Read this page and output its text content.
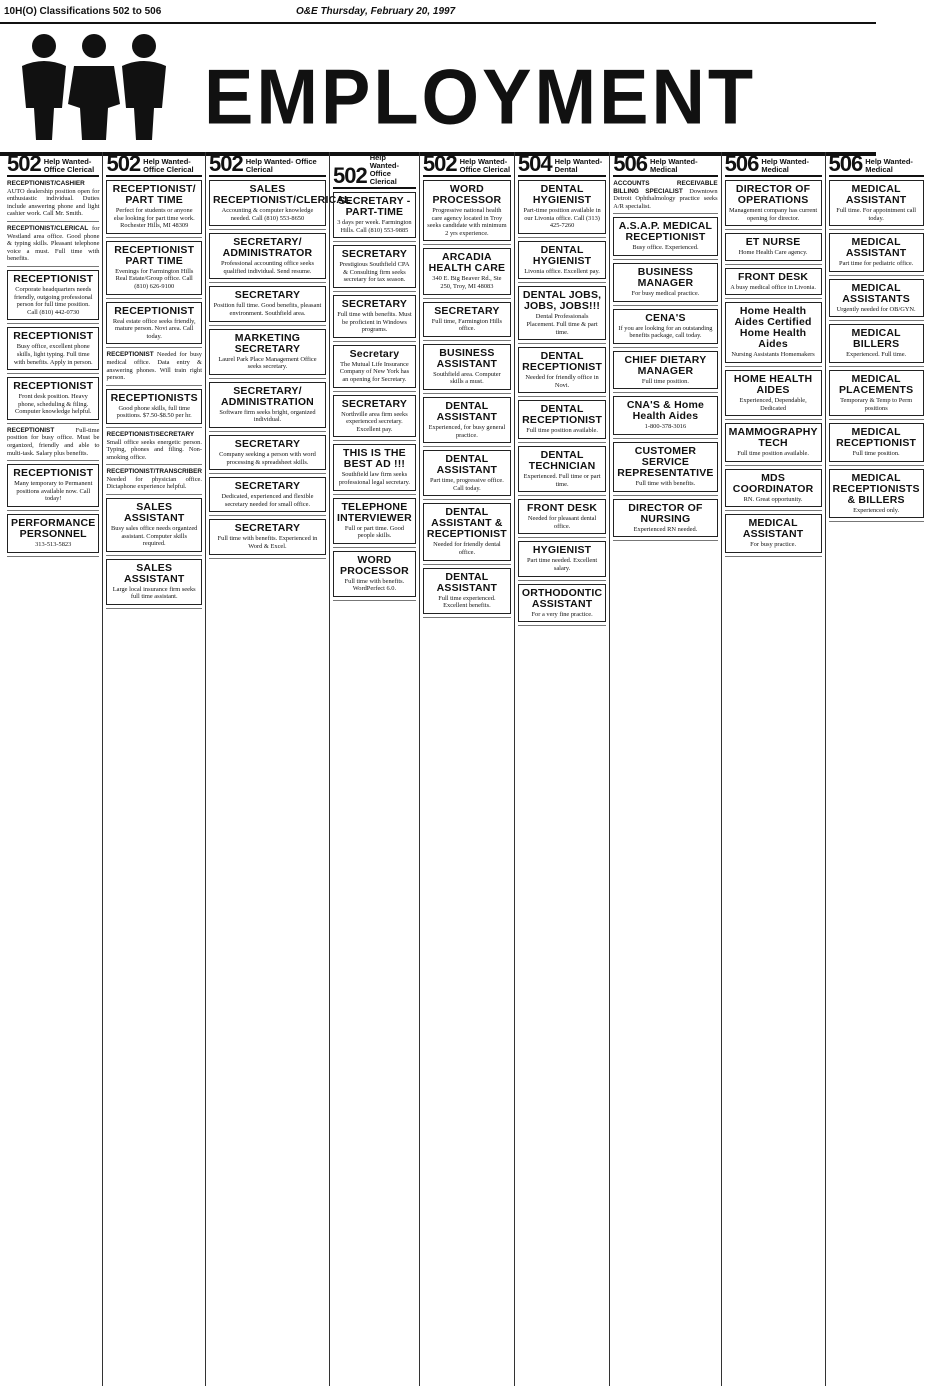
10H(O) Classifications 502 to 506	O&E Thursday, February 20, 1997
EMPLOYMENT
502 Help Wanted- Office Clerical
RECEPTIONIST/CASHIER AUTO dealership position open for enthusiastic individual. Duties include answering phone and light cashier work. Call Mr. Smith.
RECEPTIONIST/CLERICAL for Westland area office. Good phone & typing skills. Pleasant telephone voice a must. Full time with benefits.
RECEPTIONIST

Corporate headquarters needs friendly, outgoing professional person for full time position. Call (810) 442-0730

RECEPTIONIST

Busy office, excellent phone skills, light typing. Full time with benefits. Apply in person.

RECEPTIONIST

Front desk position. Heavy phone, scheduling & filing. Computer knowledge helpful.

RECEPTIONIST Full-time position for busy office. Must be organized, friendly and able to multi-task. Salary plus benefits.
RECEPTIONIST

Many temporary to Permanent positions available now. Call today!

PERFORMANCE PERSONNEL

313-513-5823

502 Help Wanted- Office Clerical
RECEPTIONIST/ PART TIME

Perfect for students or anyone else looking for part time work. Rochester Hills, MI 48309

RECEPTIONIST PART TIME

Evenings for Farmington Hills Real Estate/Group office. Call (810) 626-9100

RECEPTIONIST

Real estate office seeks friendly, mature person. Novi area. Call today.

RECEPTIONIST Needed for busy medical office. Data entry & answering phones. Will train right person.
RECEPTIONISTS

Good phone skills, full time positions. $7.50-$8.50 per hr.

RECEPTIONIST/SECRETARY Small office seeks energetic person. Typing, phones and filing. Non-smoking office.
RECEPTIONIST/TRANSCRIBER Needed for physician office. Dictaphone experience helpful.
SALES ASSISTANT

Busy sales office needs organized assistant. Computer skills required.

SALES ASSISTANT

Large local insurance firm seeks full time assistant.

502 Help Wanted- Office Clerical
SALES RECEPTIONIST/CLERICAL

Accounting & computer knowledge needed. Call (810) 553-8650

SECRETARY/ ADMINISTRATOR

Professional accounting office seeks qualified individual. Send resume.

SECRETARY

Position full time. Good benefits, pleasant environment. Southfield area.

MARKETING SECRETARY

Laurel Park Place Management Office seeks secretary.

SECRETARY/ ADMINISTRATION

Software firm seeks bright, organized individual.

SECRETARY

Company seeking a person with word processing & spreadsheet skills.

SECRETARY

Dedicated, experienced and flexible secretary needed for small office.

SECRETARY

Full time with benefits. Experienced in Word & Excel.

502
Help Wanted- Office Clerical
SECRETARY - PART-TIME

3 days per week. Farmington Hills. Call (810) 553-9885

SECRETARY

Prestigious Southfield CPA & Consulting firm seeks secretary for tax season.

SECRETARY

Full time with benefits. Must be proficient in Windows programs.

Secretary

The Mutual Life Insurance Company of New York has an opening for Secretary.

SECRETARY

Northville area firm seeks experienced secretary. Excellent pay.

THIS IS THE BEST AD !!!

Southfield law firm seeks professional legal secretary.

TELEPHONE INTERVIEWER

Full or part time. Good people skills.

WORD PROCESSOR

Full time with benefits. WordPerfect 6.0.

502 Help Wanted- Office Clerical
WORD PROCESSOR

Progressive national health care agency located in Troy seeks candidate with minimum 2 yrs experience.

ARCADIA HEALTH CARE

340 E. Big Beaver Rd., Ste 250, Troy, MI 48083

SECRETARY

Full time, Farmington Hills office.

BUSINESS ASSISTANT

Southfield area. Computer skills a must.

DENTAL ASSISTANT

Experienced, for busy general practice.

DENTAL ASSISTANT

Part time, progressive office. Call today.

DENTAL ASSISTANT & RECEPTIONIST

Needed for friendly dental office.

DENTAL ASSISTANT

Full time experienced. Excellent benefits.

504 Help Wanted-Dental
DENTAL HYGIENIST

Part-time position available in our Livonia office. Call (313) 425-7260

DENTAL HYGIENIST

Livonia office. Excellent pay.

DENTAL JOBS, JOBS, JOBS!!!

Dental Professionals Placement. Full time & part time.

DENTAL RECEPTIONIST

Needed for friendly office in Novi.

DENTAL RECEPTIONIST

Full time position available.

DENTAL TECHNICIAN

Experienced. Full time or part time.

FRONT DESK

Needed for pleasant dental office.

HYGIENIST

Part time needed. Excellent salary.

ORTHODONTIC ASSISTANT

For a very fine practice.

506 Help Wanted- Medical
ACCOUNTS RECEIVABLE BILLING SPECIALIST Downtown Detroit Ophthalmology practice seeks A/R specialist.
A.S.A.P. MEDICAL RECEPTIONIST

Busy office. Experienced.

BUSINESS MANAGER

For busy medical practice.

CENA'S

If you are looking for an outstanding benefits package, call today.

CHIEF DIETARY MANAGER

Full time position.

CNA'S & Home Health Aides

1-800-378-3016

CUSTOMER SERVICE REPRESENTATIVE

Full time with benefits.

DIRECTOR OF NURSING

Experienced RN needed.

506 Help Wanted- Medical
DIRECTOR OF OPERATIONS

Management company has current opening for director.

ET NURSE

Home Health Care agency.

FRONT DESK

A busy medical office in Livonia.

Home Health Aides Certified Home Health Aides

Nursing Assistants Homemakers

HOME HEALTH AIDES

Experienced, Dependable, Dedicated

MAMMOGRAPHY TECH

Full time position available.

MDS COORDINATOR

RN. Great opportunity.

MEDICAL ASSISTANT

For busy practice.

506 Help Wanted- Medical
MEDICAL ASSISTANT

Full time. For appointment call today.

MEDICAL ASSISTANT

Part time for pediatric office.

MEDICAL ASSISTANTS

Urgently needed for OB/GYN.

MEDICAL BILLERS

Experienced. Full time.

MEDICAL PLACEMENTS

Temporary & Temp to Perm positions

MEDICAL RECEPTIONIST

Full time position.

MEDICAL RECEPTIONISTS & BILLERS

Experienced only.
